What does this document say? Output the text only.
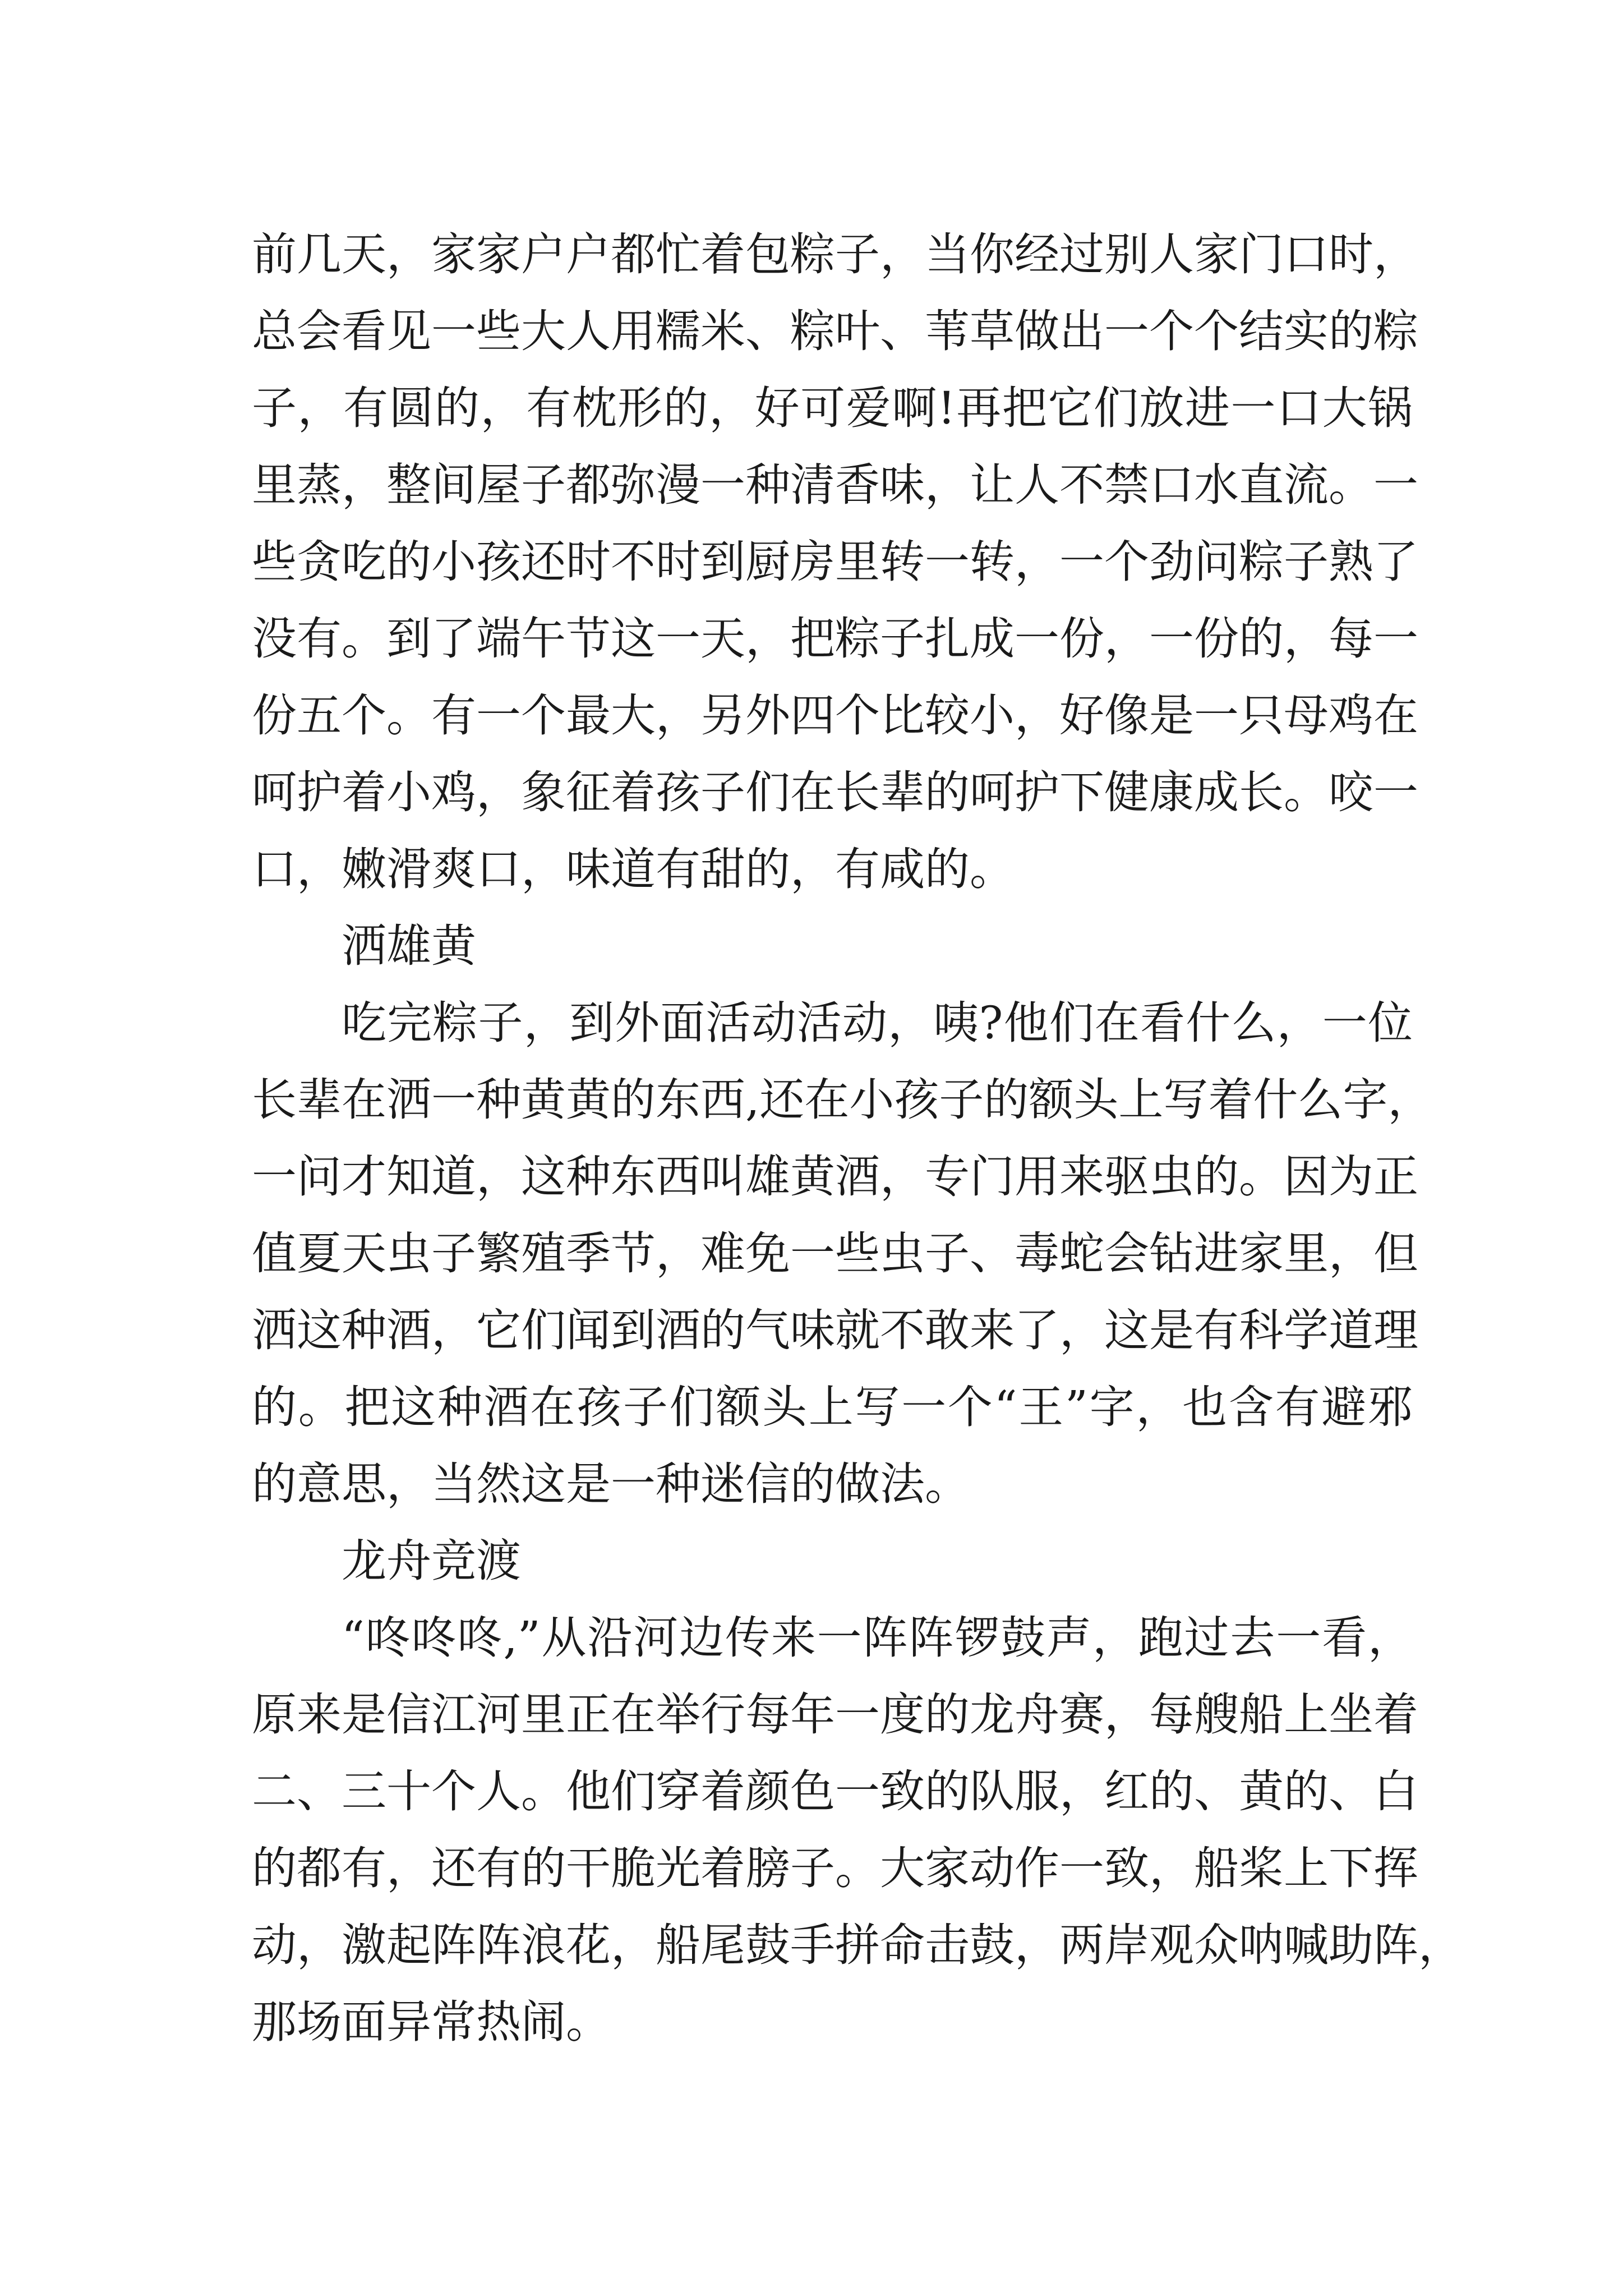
前几天，家家户户都忙着包粽子，当你经过别人家门口时，
总会看见一些大人用糯米、粽叶、苇草做出一个个结实的粽
子，有圆的，有枕形的，好可爱啊!再把它们放进一口大锅
里蒸，整间屋子都弥漫一种清香味，让人不禁口水直流。一
些贪吃的小孩还时不时到厨房里转一转，一个劲问粽子熟了
没有。到了端午节这一天，把粽子扎成一份，一份的，每一
份五个。有一个最大，另外四个比较小，好像是一只母鸡在
呵护着小鸡，象征着孩子们在长辈的呵护下健康成长。咬一
口，嫩滑爽口，味道有甜的，有咸的。
洒雄黄
吃完粽子，到外面活动活动，咦?他们在看什么，一位
长辈在洒一种黄黄的东西,还在小孩子的额头上写着什么字，
一问才知道，这种东西叫雄黄酒，专门用来驱虫的。因为正
值夏天虫子繁殖季节，难免一些虫子、毒蛇会钻进家里，但
洒这种酒，它们闻到酒的气味就不敢来了，这是有科学道理
的。把这种酒在孩子们额头上写一个“王”字，也含有避邪
的意思，当然这是一种迷信的做法。
龙舟竞渡
“咚咚咚,”从沿河边传来一阵阵锣鼓声，跑过去一看，
原来是信江河里正在举行每年一度的龙舟赛，每艘船上坐着
二、三十个人。他们穿着颜色一致的队服，红的、黄的、白
的都有，还有的干脆光着膀子。大家动作一致，船桨上下挥
动，激起阵阵浪花，船尾鼓手拼命击鼓，两岸观众呐喊助阵，
那场面异常热闹。
